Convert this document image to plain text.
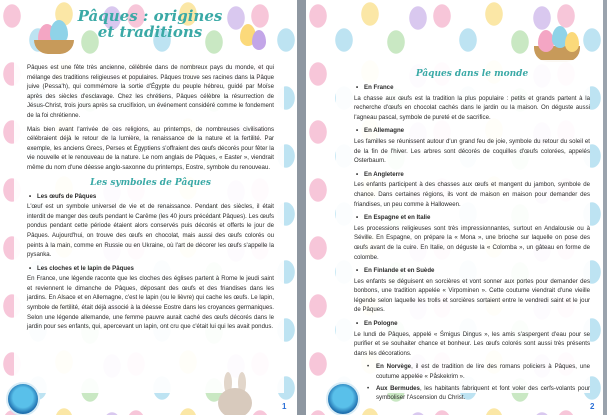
Pâques : origines et traditions

Pâques est une fête très ancienne, célébrée dans de nombreux pays du monde, et qui mélange des traditions religieuses et populaires. Pâques trouve ses racines dans la Pâque juive (Pessa'h), qui commémore la sortie d'Égypte du peuple hébreu, guidé par Moïse après des siècles d'esclavage. Chez les chrétiens, Pâques célèbre la résurrection de Jésus-Christ, trois jours après sa crucifixion, un événement considéré comme le fondement de la foi chrétienne.

Mais bien avant l'arrivée de ces religions, au printemps, de nombreuses civilisations célébraient déjà le retour de la lumière, la renaissance de la nature et la fertilité. Par exemple, les anciens Grecs, Perses et Égyptiens s'offraient des œufs décorés pour fêter la vie nouvelle et le renouveau de la nature. Le nom anglais de Pâques, « Easter », viendrait même du nom d'une déesse anglo-saxonne du printemps, Eostre, symbole du renouveau.

Les symboles de Pâques
• Les œufs de Pâques

L'œuf est un symbole universel de vie et de renaissance. Pendant des siècles, il était interdit de manger des œufs pendant le Carême (les 40 jours précédant Pâques). Les œufs pondus pendant cette période étaient alors conservés puis décorés et offerts le jour de Pâques. Aujourd'hui, on trouve des œufs en chocolat, mais aussi des œufs colorés ou peints à la main, comme en Russie ou en Ukraine, où l'art de décorer les œufs s'appelle la pysanka.

• Les cloches et le lapin de Pâques

En France, une légende raconte que les cloches des églises partent à Rome le jeudi saint et reviennent le dimanche de Pâques, déposant des œufs et des friandises dans les jardins. En Alsace et en Allemagne, c'est le lapin (ou le lièvre) qui cache les œufs. Le lapin, symbole de fertilité, était déjà associé à la déesse Eostre dans les croyances germaniques. Selon une légende allemande, une femme pauvre aurait caché des œufs décorés dans le jardin pour ses enfants, qui, apercevant un lapin, ont cru que c'était lui qui les avait pondus.

1
Pâques dans le monde
• En France

La chasse aux œufs est la tradition la plus populaire : petits et grands partent à la recherche d'œufs en chocolat cachés dans le jardin ou la maison. On déguste aussi l'agneau pascal, symbole de pureté et de sacrifice.

• En Allemagne

Les familles se réunissent autour d'un grand feu de joie, symbole du retour du soleil et de la fin de l'hiver. Les arbres sont décorés de coquilles d'œufs colorées, appelés Osterbaum.

• En Angleterre

Les enfants participent à des chasses aux œufs et mangent du jambon, symbole de chance. Dans certaines régions, ils vont de maison en maison pour demander des friandises, un peu comme à Halloween.

• En Espagne et en Italie

Les processions religieuses sont très impressionnantes, surtout en Andalousie ou à Séville. En Espagne, on prépare la « Mona », une brioche sur laquelle on pose des œufs avant de la cuire. En Italie, on déguste la « Colomba », un gâteau en forme de colombe.

• En Finlande et en Suède

Les enfants se déguisent en sorcières et vont sonner aux portes pour demander des bonbons, une tradition appelée « Virpominen ». Cette coutume viendrait d'une vieille légende selon laquelle les trolls et sorcières sortaient entre le vendredi saint et le jour de Pâques.

• En Pologne

Le lundi de Pâques, appelé « Śmigus Dingus », les amis s'aspergent d'eau pour se purifier et se souhaiter chance et bonheur. Les œufs colorés sont aussi très présents dans les décorations.

• En Norvège, il est de tradition de lire des romans policiers à Pâques, une coutume appelée « Påskekrim ».
• Aux Bermudes, les habitants fabriquent et font voler des cerfs-volants pour symboliser l'Ascension du Christ.
2
